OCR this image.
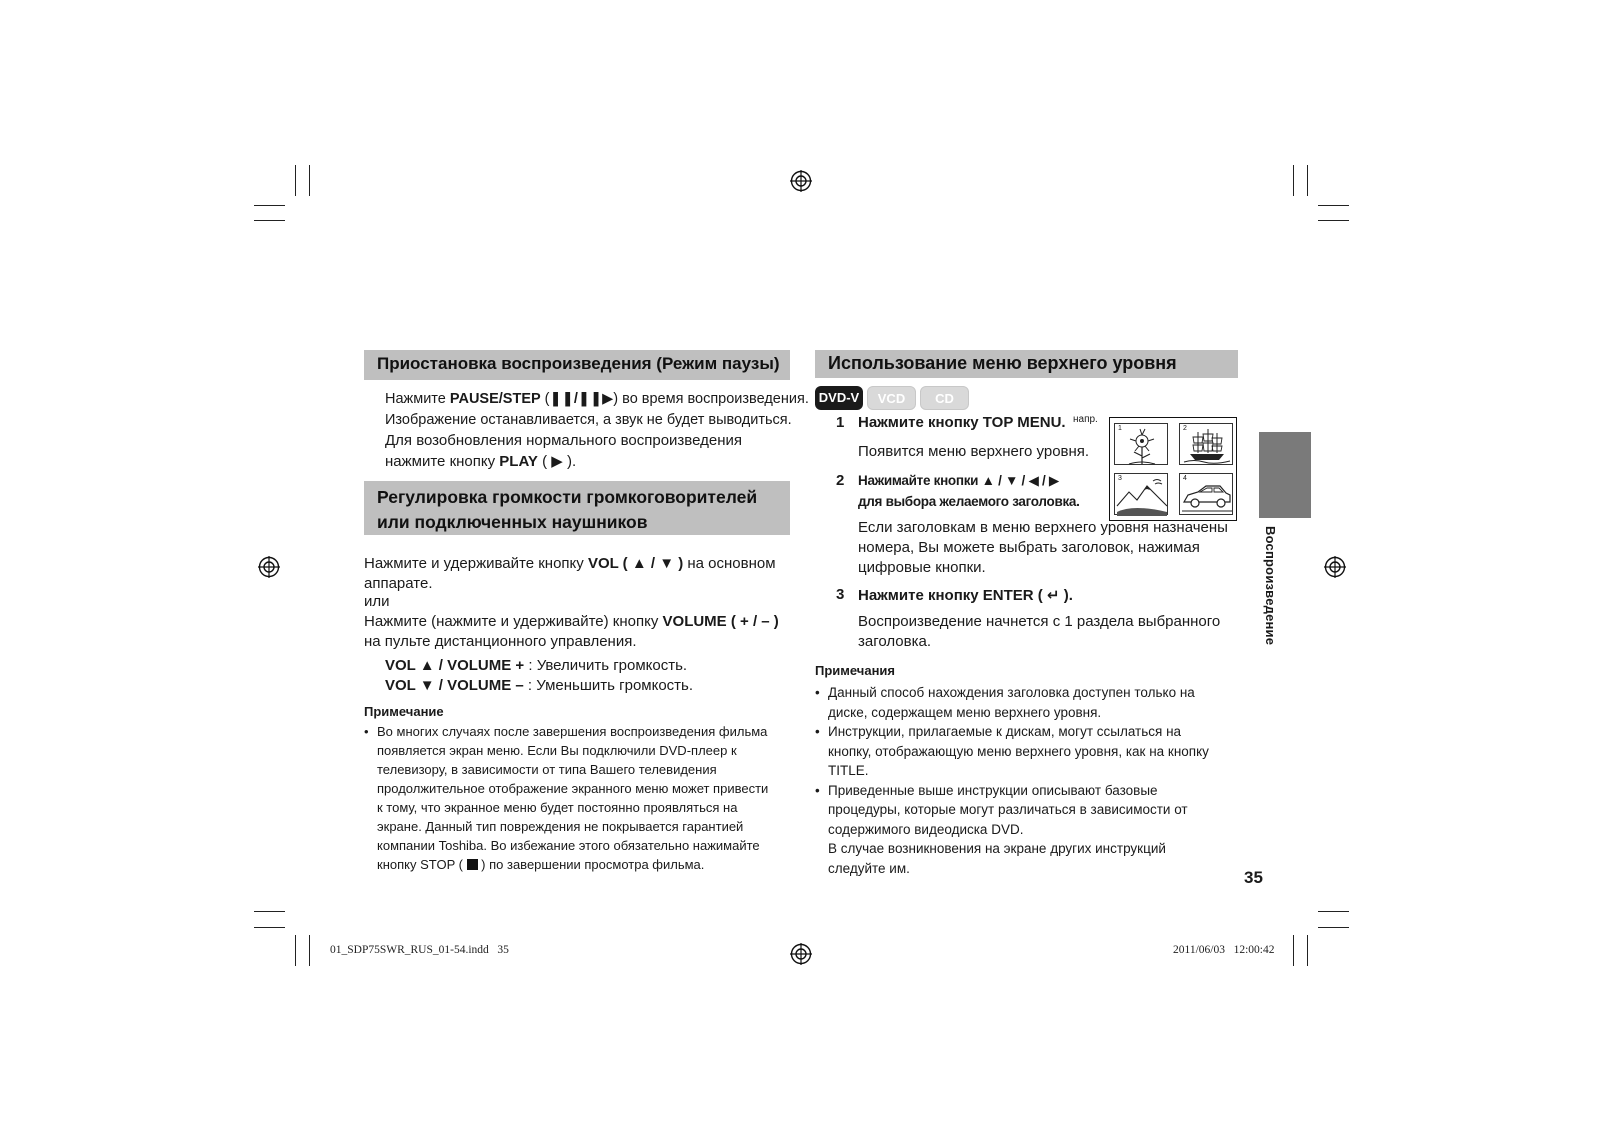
Приостановка воспроизведения (Режим паузы)
Нажмите PAUSE/STEP (❚❚/❚❚▶) во время воспроизведения.
Изображение останавливается, а звук не будет выводиться.
Для возобновления нормального воспроизведения
нажмите кнопку PLAY ( ▶ ).
Регулировка громкости громкоговорителей
или подключенных наушников
Нажмите и удерживайте кнопку VOL ( ▲ / ▼ ) на основном
аппарате.
или
Нажмите (нажмите и удерживайте) кнопку VOLUME ( + / – )
на пульте дистанционного управления.
VOL ▲ / VOLUME + : Увеличить громкость.
VOL ▼ / VOLUME – : Уменьшить громкость.
Примечание
• Во многих случаях после завершения воспроизведения фильма
появляется экран меню. Если Вы подключили DVD-плеер к
телевизору, в зависимости от типа Вашего телевидения
продолжительное отображение экранного меню может привести
к тому, что экранное меню будет постоянно проявляться на
экране. Данный тип повреждения не покрывается гарантией
компании Toshiba. Во избежание этого обязательно нажимайте
кнопку STOP (  ) по завершении просмотра фильма.
Использование меню верхнего уровня
DVD-V	VCD	CD
1 Нажмите кнопку TOP MENU. напр.
Появится меню верхнего уровня.
1	2
3	4
2 Нажимайте кнопки ▲ / ▼ / ◀ / ▶
для выбора желаемого заголовка.
Если заголовкам в меню верхнего уровня назначены
номера, Вы можете выбрать заголовок, нажимая
цифровые кнопки.
3 Нажмите кнопку ENTER ( ↵ ).
Воспроизведение начнется с 1 раздела выбранного
заголовка.
Примечания
• Данный способ нахождения заголовка доступен только на
диске, содержащем меню верхнего уровня.
• Инструкции, прилагаемые к дискам, могут ссылаться на
кнопку, отображающую меню верхнего уровня, как на кнопку
TITLE.
• Приведенные выше инструкции описывают базовые
процедуры, которые могут различаться в зависимости от
содержимого видеодиска DVD.
В случае возникновения на экране других инструкций
следуйте им.
Воспроизведение
35
01_SDP75SWR_RUS_01-54.indd   35	2011/06/03   12:00:42
